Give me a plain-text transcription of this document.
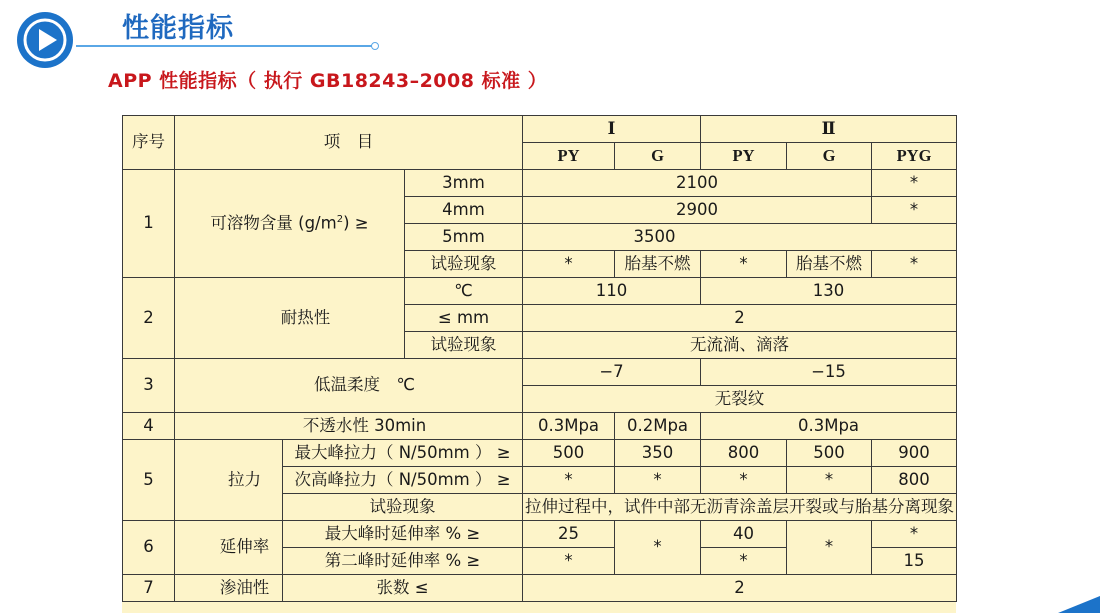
性能指标
APP 性能指标（ 执行 GB18243–2008 标准 ）
序号	项　目			Ⅰ		Ⅱ		
				PY	G	PY	G	PYG
1	可溶物含量 $(g/m^2)$ ≥		3mm	2100				*
			4mm	2900				*
			5mm	3500				
			试验现象	*	胎基不燃	*	胎基不燃	*
2	耐热性		℃	110		130		
			≤ mm	2				
			试验现象	无流淌、滴落				
3	低温柔度　℃			−7		−15		
				无裂纹				
4	不透水性 30min			0.3Mpa	0.2Mpa	0.3Mpa		
5	拉力	最大峰拉力（ N/50mm ） ≥		500	350	800	500	900
		次高峰拉力（ N/50mm ） ≥		*	*	*	*	800
		试验现象		拉伸过程中，试件中部无沥青涂盖层开裂或与胎基分离现象				
6	延伸率	最大峰时延伸率 % ≥		25	*	40	*	*
		第二峰时延伸率 % ≥		*		*		15
7	渗油性	张数 ≤		2				
